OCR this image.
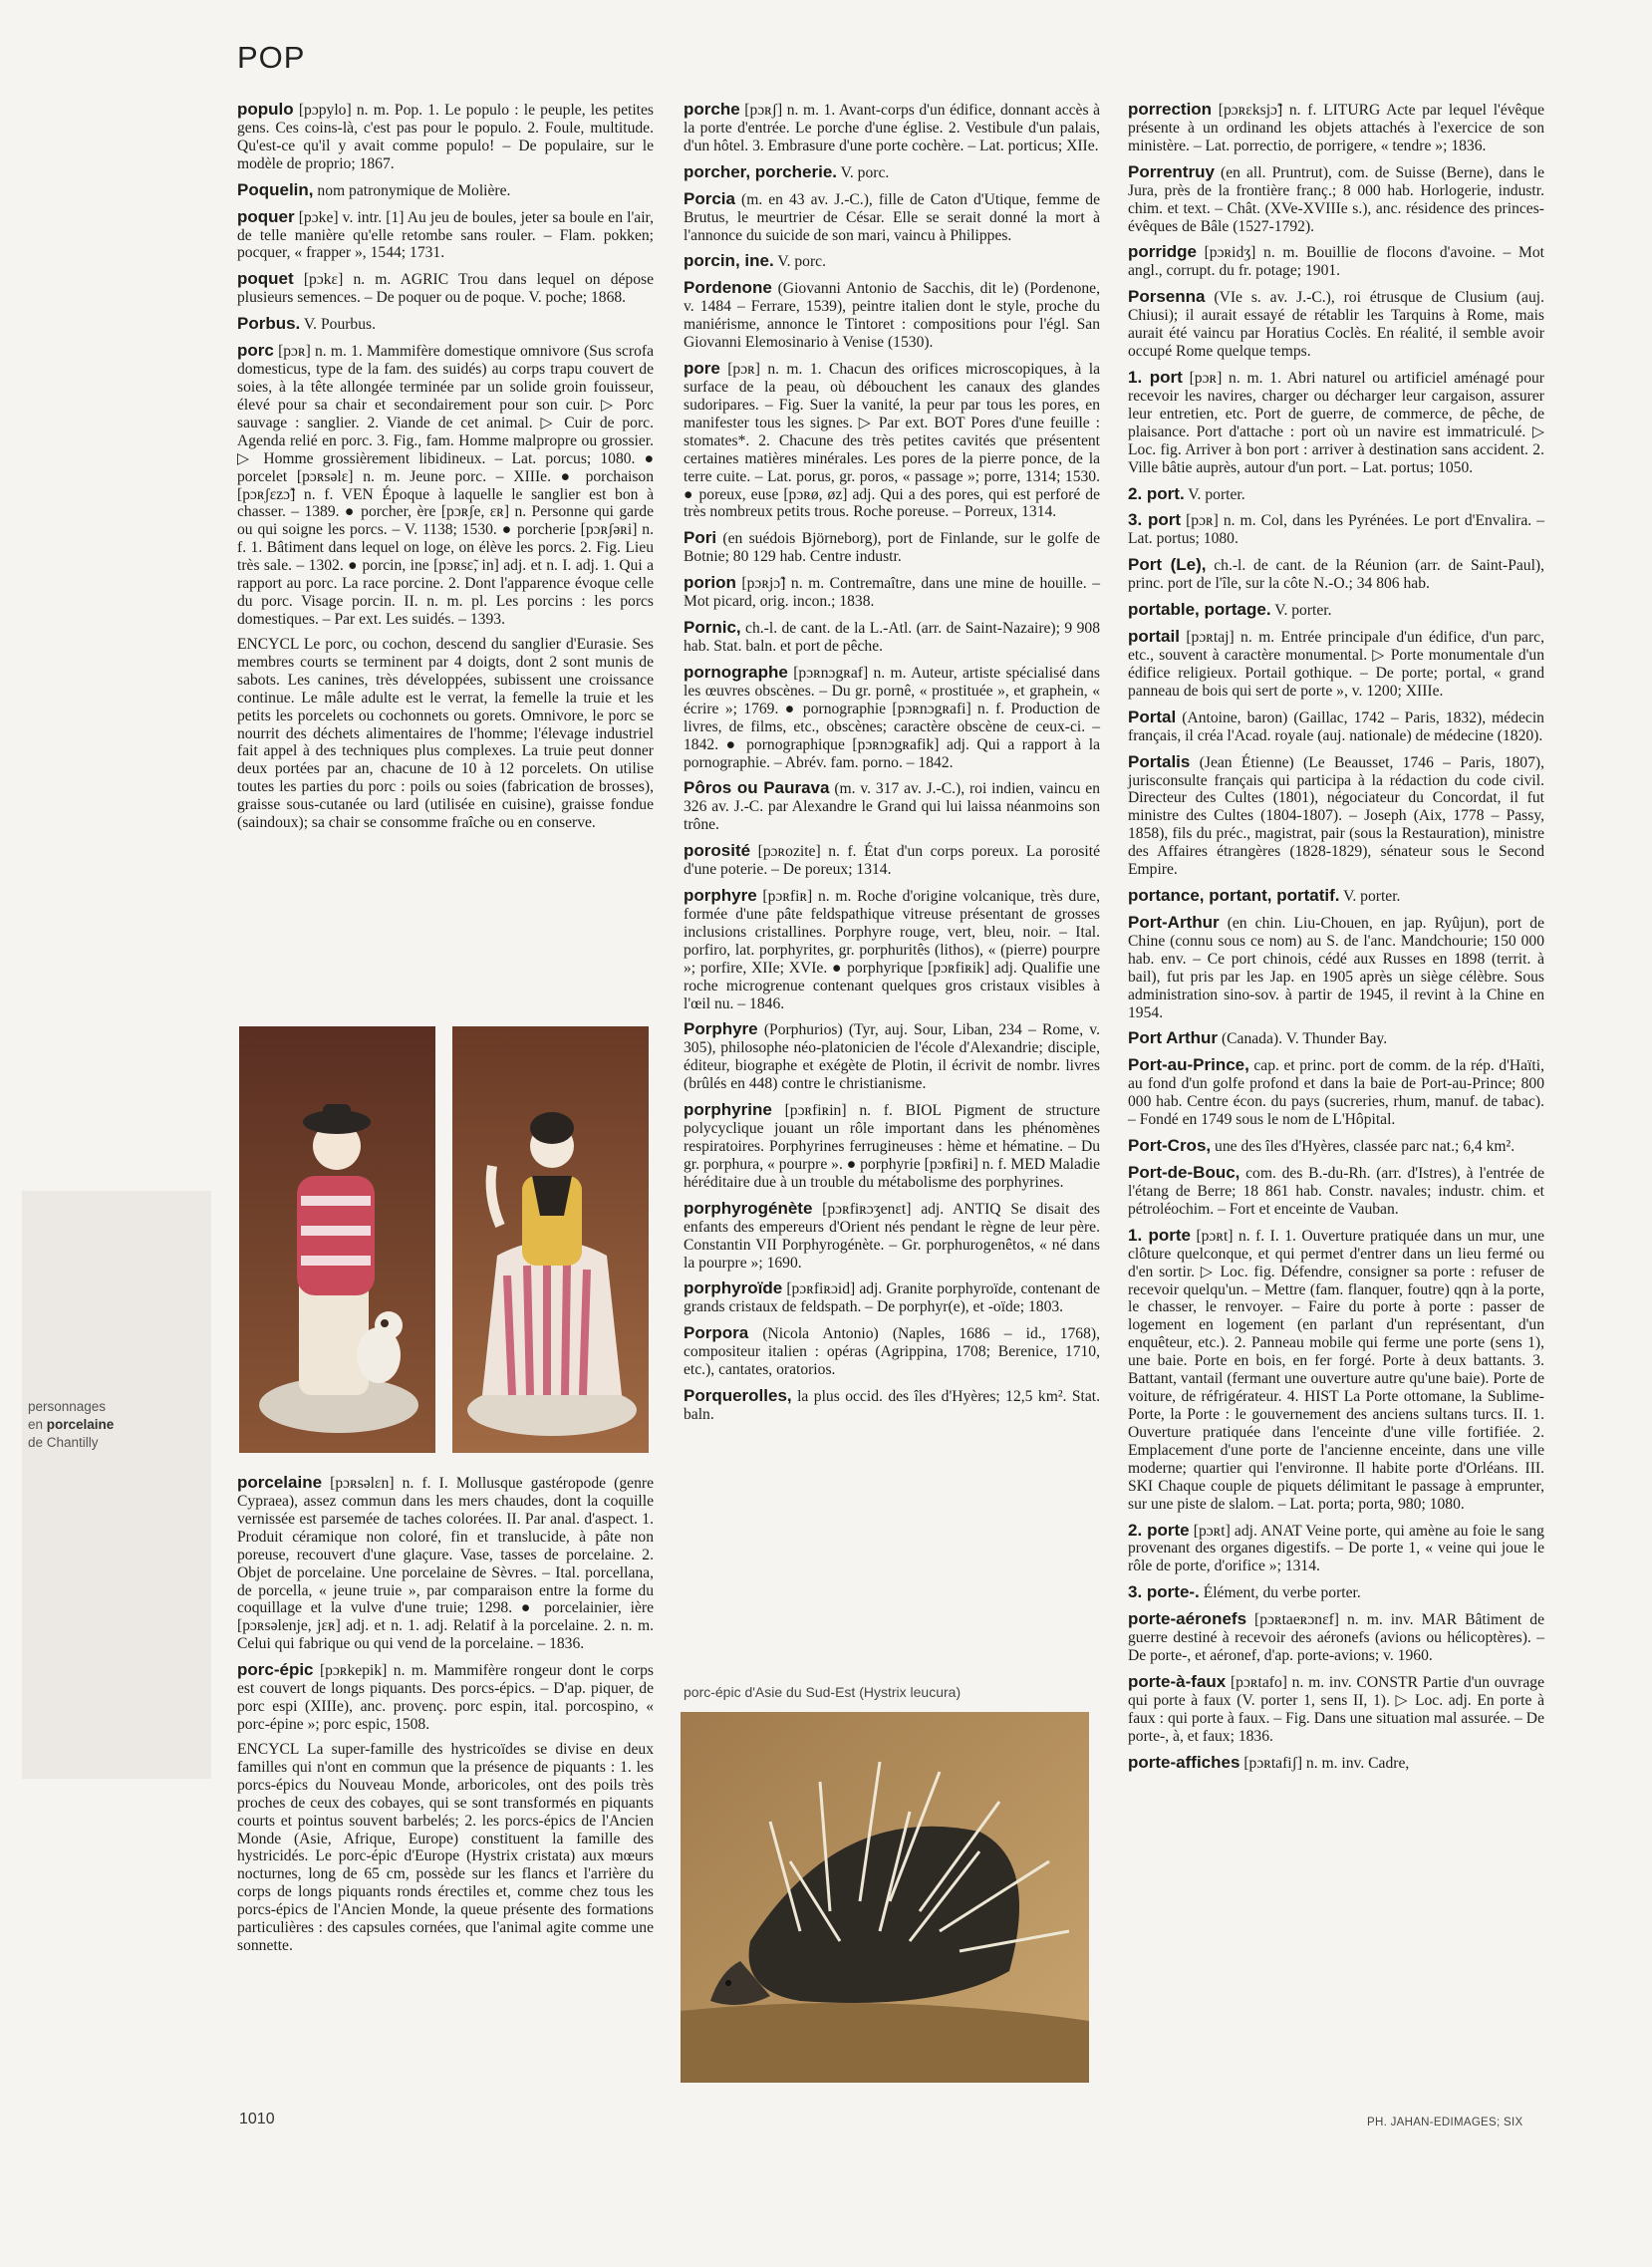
POP

populo [pɔpylo] n. m. Pop. 1. Le populo : le peuple, les petites gens. Ces coins-là, c'est pas pour le populo. 2. Foule, multitude. Qu'est-ce qu'il y avait comme populo! – De populaire, sur le modèle de proprio; 1867.

Poquelin, nom patronymique de Molière.

poquer [pɔke] v. intr. [1] Au jeu de boules, jeter sa boule en l'air, de telle manière qu'elle retombe sans rouler. – Flam. pokken; pocquer, « frapper », 1544; 1731.

poquet [pɔkɛ] n. m. AGRIC Trou dans lequel on dépose plusieurs semences. – De poquer ou de poque. V. poche; 1868.

Porbus. V. Pourbus.

porc [pɔʀ] n. m. 1. Mammifère domestique omnivore (Sus scrofa domesticus, type de la fam. des suidés) au corps trapu couvert de soies, à la tête allongée terminée par un solide groin fouisseur, élevé pour sa chair et secondairement pour son cuir. ▷ Porc sauvage : sanglier. 2. Viande de cet animal. ▷ Cuir de porc. Agenda relié en porc. 3. Fig., fam. Homme malpropre ou grossier. ▷ Homme grossièrement libidineux. – Lat. porcus; 1080. ● porcelet [pɔʀsəlɛ] n. m. Jeune porc. – XIIIe. ● porchaison [pɔʀʃɛzɔ̃] n. f. VEN Époque à laquelle le sanglier est bon à chasser. – 1389. ● porcher, ère [pɔʀʃe, ɛʀ] n. Personne qui garde ou qui soigne les porcs. – V. 1138; 1530. ● porcherie [pɔʀʃəʀi] n. f. 1. Bâtiment dans lequel on loge, on élève les porcs. 2. Fig. Lieu très sale. – 1302. ● porcin, ine [pɔʀsɛ̃, in] adj. et n. I. adj. 1. Qui a rapport au porc. La race porcine. 2. Dont l'apparence évoque celle du porc. Visage porcin. II. n. m. pl. Les porcins : les porcs domestiques. – Par ext. Les suidés. – 1393.

ENCYCL Le porc, ou cochon, descend du sanglier d'Eurasie. Ses membres courts se terminent par 4 doigts, dont 2 sont munis de sabots. Les canines, très développées, subissent une croissance continue. Le mâle adulte est le verrat, la femelle la truie et les petits les porcelets ou cochonnets ou gorets. Omnivore, le porc se nourrit des déchets alimentaires de l'homme; l'élevage industriel fait appel à des techniques plus complexes. La truie peut donner deux portées par an, chacune de 10 à 12 porcelets. On utilise toutes les parties du porc : poils ou soies (fabrication de brosses), graisse sous-cutanée ou lard (utilisée en cuisine), graisse fondue (saindoux); sa chair se consomme fraîche ou en conserve.

personnages
en porcelaine
de Chantilly

porcelaine [pɔʀsəlɛn] n. f. I. Mollusque gastéropode (genre Cypraea), assez commun dans les mers chaudes, dont la coquille vernissée est parsemée de taches colorées. II. Par anal. d'aspect. 1. Produit céramique non coloré, fin et translucide, à pâte non poreuse, recouvert d'une glaçure. Vase, tasses de porcelaine. 2. Objet de porcelaine. Une porcelaine de Sèvres. – Ital. porcellana, de porcella, « jeune truie », par comparaison entre la forme du coquillage et la vulve d'une truie; 1298. ● porcelainier, ière [pɔʀsəlenje, jɛʀ] adj. et n. 1. adj. Relatif à la porcelaine. 2. n. m. Celui qui fabrique ou qui vend de la porcelaine. – 1836.

porc-épic [pɔʀkepik] n. m. Mammifère rongeur dont le corps est couvert de longs piquants. Des porcs-épics. – D'ap. piquer, de porc espi (XIIIe), anc. provenç. porc espin, ital. porcospino, « porc-épine »; porc espic, 1508.

ENCYCL La super-famille des hystricoïdes se divise en deux familles qui n'ont en commun que la présence de piquants : 1. les porcs-épics du Nouveau Monde, arboricoles, ont des poils très proches de ceux des cobayes, qui se sont transformés en piquants courts et pointus souvent barbelés; 2. les porcs-épics de l'Ancien Monde (Asie, Afrique, Europe) constituent la famille des hystricidés. Le porc-épic d'Europe (Hystrix cristata) aux mœurs nocturnes, long de 65 cm, possède sur les flancs et l'arrière du corps de longs piquants ronds érectiles et, comme chez tous les porcs-épics de l'Ancien Monde, la queue présente des formations particulières : des capsules cornées, que l'animal agite comme une sonnette.

porche [pɔʀʃ] n. m. 1. Avant-corps d'un édifice, donnant accès à la porte d'entrée. Le porche d'une église. 2. Vestibule d'un palais, d'un hôtel. 3. Embrasure d'une porte cochère. – Lat. porticus; XIIe.

porcher, porcherie. V. porc.

Porcia (m. en 43 av. J.-C.), fille de Caton d'Utique, femme de Brutus, le meurtrier de César. Elle se serait donné la mort à l'annonce du suicide de son mari, vaincu à Philippes.

porcin, ine. V. porc.

Pordenone (Giovanni Antonio de Sacchis, dit le) (Pordenone, v. 1484 – Ferrare, 1539), peintre italien dont le style, proche du maniérisme, annonce le Tintoret : compositions pour l'égl. San Giovanni Elemosinario à Venise (1530).

pore [pɔʀ] n. m. 1. Chacun des orifices microscopiques, à la surface de la peau, où débouchent les canaux des glandes sudoripares. – Fig. Suer la vanité, la peur par tous les pores, en manifester tous les signes. ▷ Par ext. BOT Pores d'une feuille : stomates*. 2. Chacune des très petites cavités que présentent certaines matières minérales. Les pores de la pierre ponce, de la terre cuite. – Lat. porus, gr. poros, « passage »; porre, 1314; 1530. ● poreux, euse [pɔʀø, øz] adj. Qui a des pores, qui est perforé de très nombreux petits trous. Roche poreuse. – Porreux, 1314.

Pori (en suédois Björneborg), port de Finlande, sur le golfe de Botnie; 80 129 hab. Centre industr.

porion [pɔʀjɔ̃] n. m. Contremaître, dans une mine de houille. – Mot picard, orig. incon.; 1838.

Pornic, ch.-l. de cant. de la L.-Atl. (arr. de Saint-Nazaire); 9 908 hab. Stat. baln. et port de pêche.

pornographe [pɔʀnɔgʀaf] n. m. Auteur, artiste spécialisé dans les œuvres obscènes. – Du gr. pornê, « prostituée », et graphein, « écrire »; 1769. ● pornographie [pɔʀnɔgʀafi] n. f. Production de livres, de films, etc., obscènes; caractère obscène de ceux-ci. – 1842. ● pornographique [pɔʀnɔgʀafik] adj. Qui a rapport à la pornographie. – Abrév. fam. porno. – 1842.

Pôros ou Paurava (m. v. 317 av. J.-C.), roi indien, vaincu en 326 av. J.-C. par Alexandre le Grand qui lui laissa néanmoins son trône.

porosité [pɔʀozite] n. f. État d'un corps poreux. La porosité d'une poterie. – De poreux; 1314.

porphyre [pɔʀfiʀ] n. m. Roche d'origine volcanique, très dure, formée d'une pâte feldspathique vitreuse présentant de grosses inclusions cristallines. Porphyre rouge, vert, bleu, noir. – Ital. porfiro, lat. porphyrites, gr. porphuritês (lithos), « (pierre) pourpre »; porfire, XIIe; XVIe. ● porphyrique [pɔʀfiʀik] adj. Qualifie une roche microgrenue contenant quelques gros cristaux visibles à l'œil nu. – 1846.

Porphyre (Porphurios) (Tyr, auj. Sour, Liban, 234 – Rome, v. 305), philosophe néo-platonicien de l'école d'Alexandrie; disciple, éditeur, biographe et exégète de Plotin, il écrivit de nombr. livres (brûlés en 448) contre le christianisme.

porphyrine [pɔʀfiʀin] n. f. BIOL Pigment de structure polycyclique jouant un rôle important dans les phénomènes respiratoires. Porphyrines ferrugineuses : hème et hématine. – Du gr. porphura, « pourpre ». ● porphyrie [pɔʀfiʀi] n. f. MED Maladie héréditaire due à un trouble du métabolisme des porphyrines.

porphyrogénète [pɔʀfiʀɔʒenɛt] adj. ANTIQ Se disait des enfants des empereurs d'Orient nés pendant le règne de leur père. Constantin VII Porphyrogénète. – Gr. porphurogenêtos, « né dans la pourpre »; 1690.

porphyroïde [pɔʀfiʀɔid] adj. Granite porphyroïde, contenant de grands cristaux de feldspath. – De porphyr(e), et -oïde; 1803.

Porpora (Nicola Antonio) (Naples, 1686 – id., 1768), compositeur italien : opéras (Agrippina, 1708; Berenice, 1710, etc.), cantates, oratorios.

Porquerolles, la plus occid. des îles d'Hyères; 12,5 km². Stat. baln.

porc-épic d'Asie du Sud-Est (Hystrix leucura)

porrection [pɔʀɛksjɔ̃] n. f. LITURG Acte par lequel l'évêque présente à un ordinand les objets attachés à l'exercice de son ministère. – Lat. porrectio, de porrigere, « tendre »; 1836.

Porrentruy (en all. Pruntrut), com. de Suisse (Berne), dans le Jura, près de la frontière franç.; 8 000 hab. Horlogerie, industr. chim. et text. – Chât. (XVe-XVIIIe s.), anc. résidence des princes-évêques de Bâle (1527-1792).

porridge [pɔʀidʒ] n. m. Bouillie de flocons d'avoine. – Mot angl., corrupt. du fr. potage; 1901.

Porsenna (VIe s. av. J.-C.), roi étrusque de Clusium (auj. Chiusi); il aurait essayé de rétablir les Tarquins à Rome, mais aurait été vaincu par Horatius Coclès. En réalité, il semble avoir occupé Rome quelque temps.

1. port [pɔʀ] n. m. 1. Abri naturel ou artificiel aménagé pour recevoir les navires, charger ou décharger leur cargaison, assurer leur entretien, etc. Port de guerre, de commerce, de pêche, de plaisance. Port d'attache : port où un navire est immatriculé. ▷ Loc. fig. Arriver à bon port : arriver à destination sans accident. 2. Ville bâtie auprès, autour d'un port. – Lat. portus; 1050.

2. port. V. porter.

3. port [pɔʀ] n. m. Col, dans les Pyrénées. Le port d'Envalira. – Lat. portus; 1080.

Port (Le), ch.-l. de cant. de la Réunion (arr. de Saint-Paul), princ. port de l'île, sur la côte N.-O.; 34 806 hab.

portable, portage. V. porter.

portail [pɔʀtaj] n. m. Entrée principale d'un édifice, d'un parc, etc., souvent à caractère monumental. ▷ Porte monumentale d'un édifice religieux. Portail gothique. – De porte; portal, « grand panneau de bois qui sert de porte », v. 1200; XIIIe.

Portal (Antoine, baron) (Gaillac, 1742 – Paris, 1832), médecin français, il créa l'Acad. royale (auj. nationale) de médecine (1820).

Portalis (Jean Étienne) (Le Beausset, 1746 – Paris, 1807), jurisconsulte français qui participa à la rédaction du code civil. Directeur des Cultes (1801), négociateur du Concordat, il fut ministre des Cultes (1804-1807). – Joseph (Aix, 1778 – Passy, 1858), fils du préc., magistrat, pair (sous la Restauration), ministre des Affaires étrangères (1828-1829), sénateur sous le Second Empire.

portance, portant, portatif. V. porter.

Port-Arthur (en chin. Liu-Chouen, en jap. Ryûjun), port de Chine (connu sous ce nom) au S. de l'anc. Mandchourie; 150 000 hab. env. – Ce port chinois, cédé aux Russes en 1898 (territ. à bail), fut pris par les Jap. en 1905 après un siège célèbre. Sous administration sino-sov. à partir de 1945, il revint à la Chine en 1954.

Port Arthur (Canada). V. Thunder Bay.

Port-au-Prince, cap. et princ. port de comm. de la rép. d'Haïti, au fond d'un golfe profond et dans la baie de Port-au-Prince; 800 000 hab. Centre écon. du pays (sucreries, rhum, manuf. de tabac). – Fondé en 1749 sous le nom de L'Hôpital.

Port-Cros, une des îles d'Hyères, classée parc nat.; 6,4 km².

Port-de-Bouc, com. des B.-du-Rh. (arr. d'Istres), à l'entrée de l'étang de Berre; 18 861 hab. Constr. navales; industr. chim. et pétroléochim. – Fort et enceinte de Vauban.

1. porte [pɔʀt] n. f. I. 1. Ouverture pratiquée dans un mur, une clôture quelconque, et qui permet d'entrer dans un lieu fermé ou d'en sortir. ▷ Loc. fig. Défendre, consigner sa porte : refuser de recevoir quelqu'un. – Mettre (fam. flanquer, foutre) qqn à la porte, le chasser, le renvoyer. – Faire du porte à porte : passer de logement en logement (en parlant d'un représentant, d'un enquêteur, etc.). 2. Panneau mobile qui ferme une porte (sens 1), une baie. Porte en bois, en fer forgé. Porte à deux battants. 3. Battant, vantail (fermant une ouverture autre qu'une baie). Porte de voiture, de réfrigérateur. 4. HIST La Porte ottomane, la Sublime-Porte, la Porte : le gouvernement des anciens sultans turcs. II. 1. Ouverture pratiquée dans l'enceinte d'une ville fortifiée. 2. Emplacement d'une porte de l'ancienne enceinte, dans une ville moderne; quartier qui l'environne. Il habite porte d'Orléans. III. SKI Chaque couple de piquets délimitant le passage à emprunter, sur une piste de slalom. – Lat. porta; porta, 980; 1080.

2. porte [pɔʀt] adj. ANAT Veine porte, qui amène au foie le sang provenant des organes digestifs. – De porte 1, « veine qui joue le rôle de porte, d'orifice »; 1314.

3. porte-. Élément, du verbe porter.

porte-aéronefs [pɔʀtaeʀɔnɛf] n. m. inv. MAR Bâtiment de guerre destiné à recevoir des aéronefs (avions ou hélicoptères). – De porte-, et aéronef, d'ap. porte-avions; v. 1960.

porte-à-faux [pɔʀtafo] n. m. inv. CONSTR Partie d'un ouvrage qui porte à faux (V. porter 1, sens II, 1). ▷ Loc. adj. En porte à faux : qui porte à faux. – Fig. Dans une situation mal assurée. – De porte-, à, et faux; 1836.

porte-affiches [pɔʀtafiʃ] n. m. inv. Cadre,

1010	PH. JAHAN-EDIMAGES; SIX
